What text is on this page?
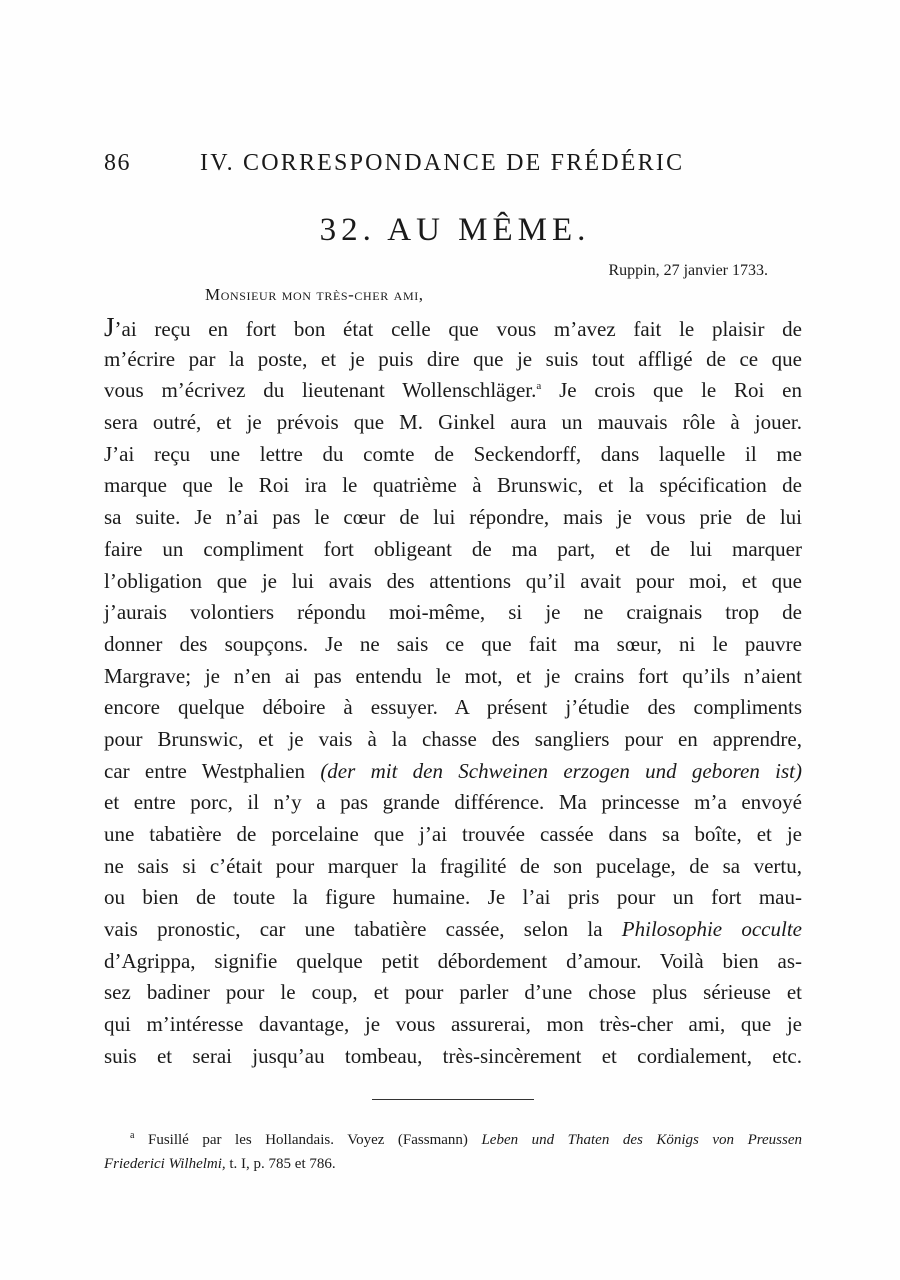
86	IV. CORRESPONDANCE DE FRÉDÉRIC
32. AU MÊME.
Ruppin, 27 janvier 1733.
Monsieur mon très-cher ami,
J’ai reçu en fort bon état celle que vous m’avez fait le plaisir de
m’écrire par la poste, et je puis dire que je suis tout affligé de ce que
vous m’écrivez du lieutenant Wollenschläger.$^a$ Je crois que le Roi en
sera outré, et je prévois que M. Ginkel aura un mauvais rôle à jouer.
J’ai reçu une lettre du comte de Seckendorff, dans laquelle il me
marque que le Roi ira le quatrième à Brunswic, et la spécification de
sa suite. Je n’ai pas le cœur de lui répondre, mais je vous prie de lui
faire un compliment fort obligeant de ma part, et de lui marquer
l’obligation que je lui avais des attentions qu’il avait pour moi, et que
j’aurais volontiers répondu moi-même, si je ne craignais trop de
donner des soupçons. Je ne sais ce que fait ma sœur, ni le pauvre
Margrave; je n’en ai pas entendu le mot, et je crains fort qu’ils n’aient
encore quelque déboire à essuyer. A présent j’étudie des compliments
pour Brunswic, et je vais à la chasse des sangliers pour en apprendre,
car entre Westphalien (der mit den Schweinen erzogen und geboren ist)
et entre porc, il n’y a pas grande différence. Ma princesse m’a envoyé
une tabatière de porcelaine que j’ai trouvée cassée dans sa boîte, et je
ne sais si c’était pour marquer la fragilité de son pucelage, de sa vertu,
ou bien de toute la figure humaine. Je l’ai pris pour un fort mau-
vais pronostic, car une tabatière cassée, selon la Philosophie occulte
d’Agrippa, signifie quelque petit débordement d’amour. Voilà bien as-
sez badiner pour le coup, et pour parler d’une chose plus sérieuse et
qui m’intéresse davantage, je vous assurerai, mon très-cher ami, que je
suis et serai jusqu’au tombeau, très-sincèrement et cordialement, etc.
$^a$ Fusillé par les Hollandais. Voyez (Fassmann) Leben und Thaten des Königs von Preussen
Friederici Wilhelmi, t. I, p. 785 et 786.
